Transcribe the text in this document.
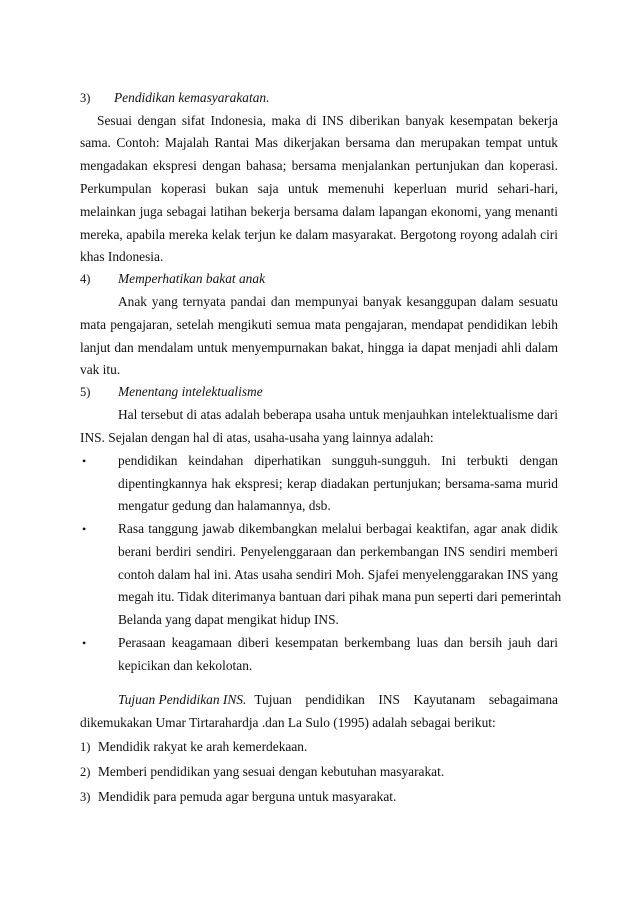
3) Pendidikan kemasyarakatan.
Sesuai dengan sifat Indonesia, maka di INS diberikan banyak kesempatan bekerja
sama. Contoh: Majalah Rantai Mas dikerjakan bersama dan merupakan tempat untuk
mengadakan ekspresi dengan bahasa; bersama menjalankan pertunjukan dan koperasi.
Perkumpulan koperasi bukan saja untuk memenuhi keperluan murid sehari-hari,
melainkan juga sebagai latihan bekerja bersama dalam lapangan ekonomi, yang menanti
mereka, apabila mereka kelak terjun ke dalam masyarakat. Bergotong royong adalah ciri
khas Indonesia.
4) Memperhatikan bakat anak
Anak yang ternyata pandai dan mempunyai banyak kesanggupan dalam sesuatu
mata pengajaran, setelah mengikuti semua mata pengajaran, mendapat pendidikan lebih
lanjut dan mendalam untuk menyempurnakan bakat, hingga ia dapat menjadi ahli dalam
vak itu.
5) Menentang intelektualisme
Hal tersebut di atas adalah beberapa usaha untuk menjauhkan intelektualisme dari
INS. Sejalan dengan hal di atas, usaha-usaha yang lainnya adalah:
• pendidikan keindahan diperhatikan sungguh-sungguh. Ini terbukti dengan
dipentingkannya hak ekspresi; kerap diadakan pertunjukan; bersama-sama murid
mengatur gedung dan halamannya, dsb.
• Rasa tanggung jawab dikembangkan melalui berbagai keaktifan, agar anak didik
berani berdiri sendiri. Penyelenggaraan dan perkembangan INS sendiri memberi
contoh dalam hal ini. Atas usaha sendiri Moh. Sjafei menyelenggarakan INS yang
megah itu. Tidak diterimanya bantuan dari pihak mana pun seperti dari pemerintah
Belanda yang dapat mengikat hidup INS.
• Perasaan keagamaan diberi kesempatan berkembang luas dan bersih jauh dari
kepicikan dan kekolotan.
Tujuan Pendidikan INS. Tujuan pendidikan INS Kayutanam sebagaimana
dikemukakan Umar Tirtarahardja .dan La Sulo (1995) adalah sebagai berikut:
1) Mendidik rakyat ke arah kemerdekaan.
2) Memberi pendidikan yang sesuai dengan kebutuhan masyarakat.
3) Mendidik para pemuda agar berguna untuk masyarakat.
